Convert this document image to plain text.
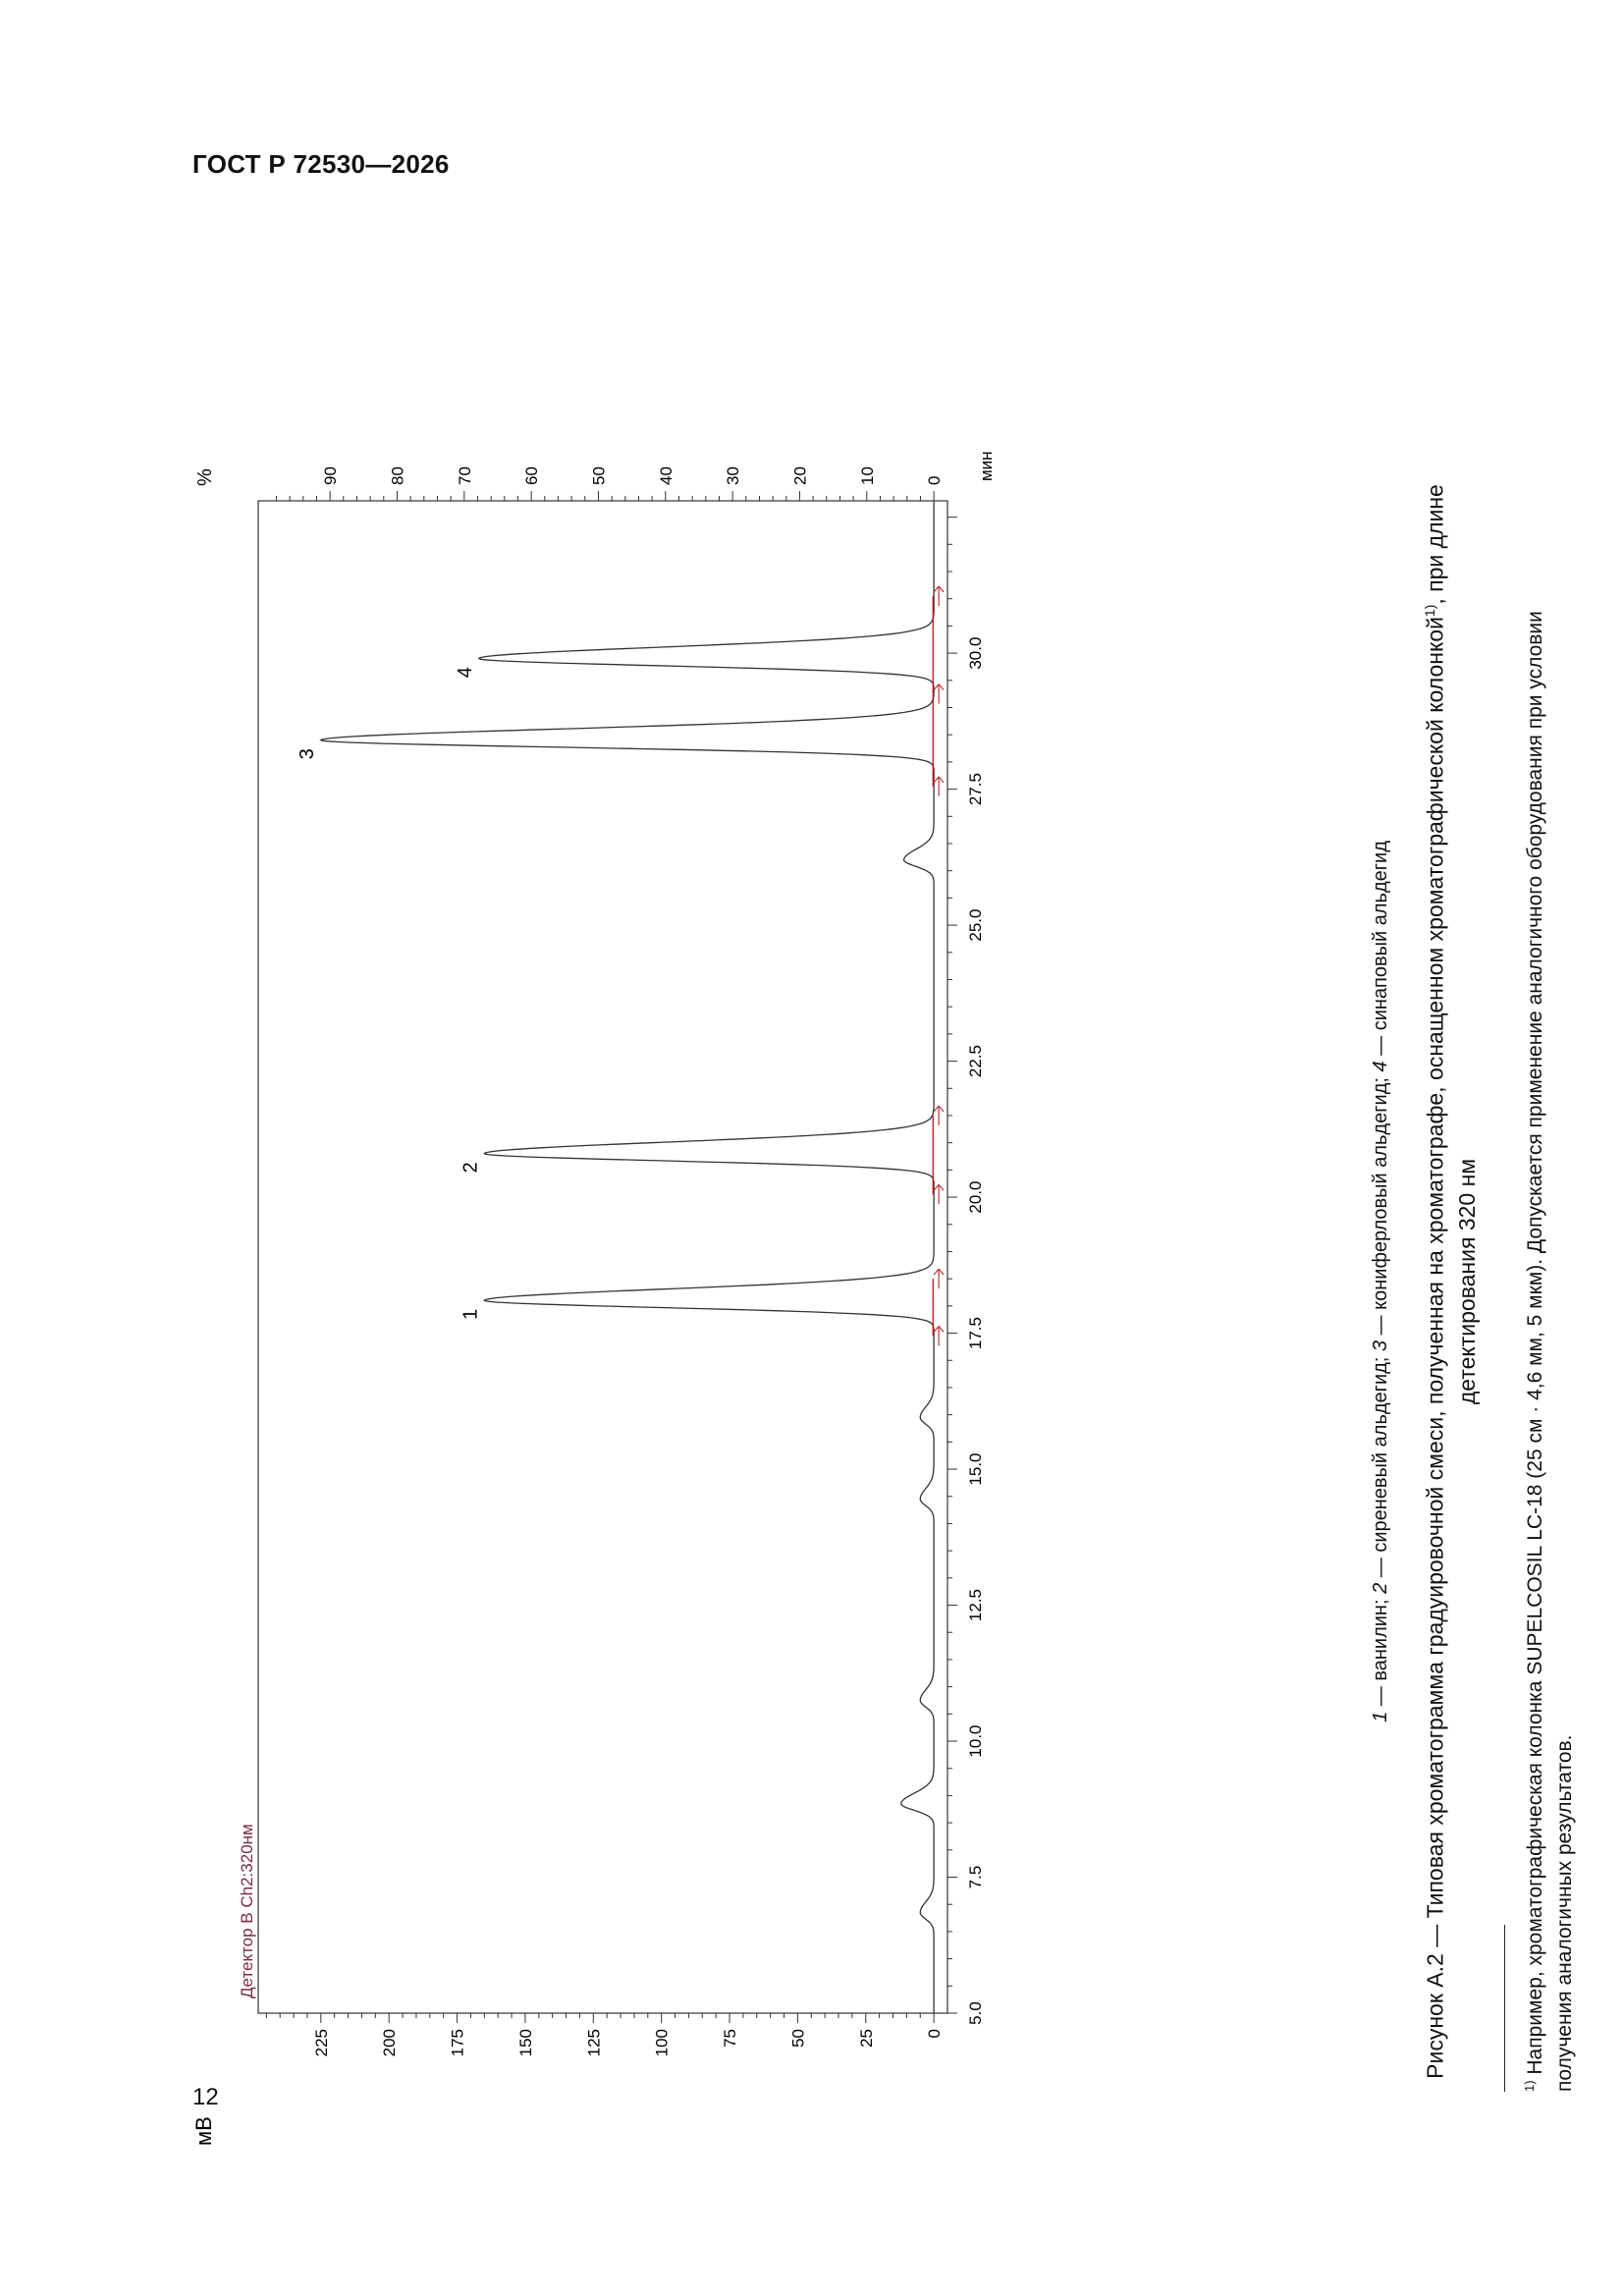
ГОСТ Р 72530—2026
мВ
%	мин
Детектор В Ch2:320нм
0
25
50
75
100
125
150
175
200
225
0
10
20
30
40
50
60
70
80
90
5.0
7.5
10.0
12.5
15.0
17.5
20.0
22.5
25.0
27.5
30.0
1
2
3
4
1 — ванилин; 2 — сиреневый альдегид; 3 — кониферловый альдегид; 4 — синаповый альдегид	Рисунок А.2 — Типовая хроматограмма градуировочной смеси, полученная на хроматографе, оснащенном хроматографической колонкой$^{1)}$, при длине
детектирования 320 нм
$^{1)}$ Например, хроматографическая колонка SUPELCOSIL LC-18 (25 см · 4,6 мм, 5 мкм). Допускается применение аналогичного оборудования при условии получения аналогичных результатов.
12
